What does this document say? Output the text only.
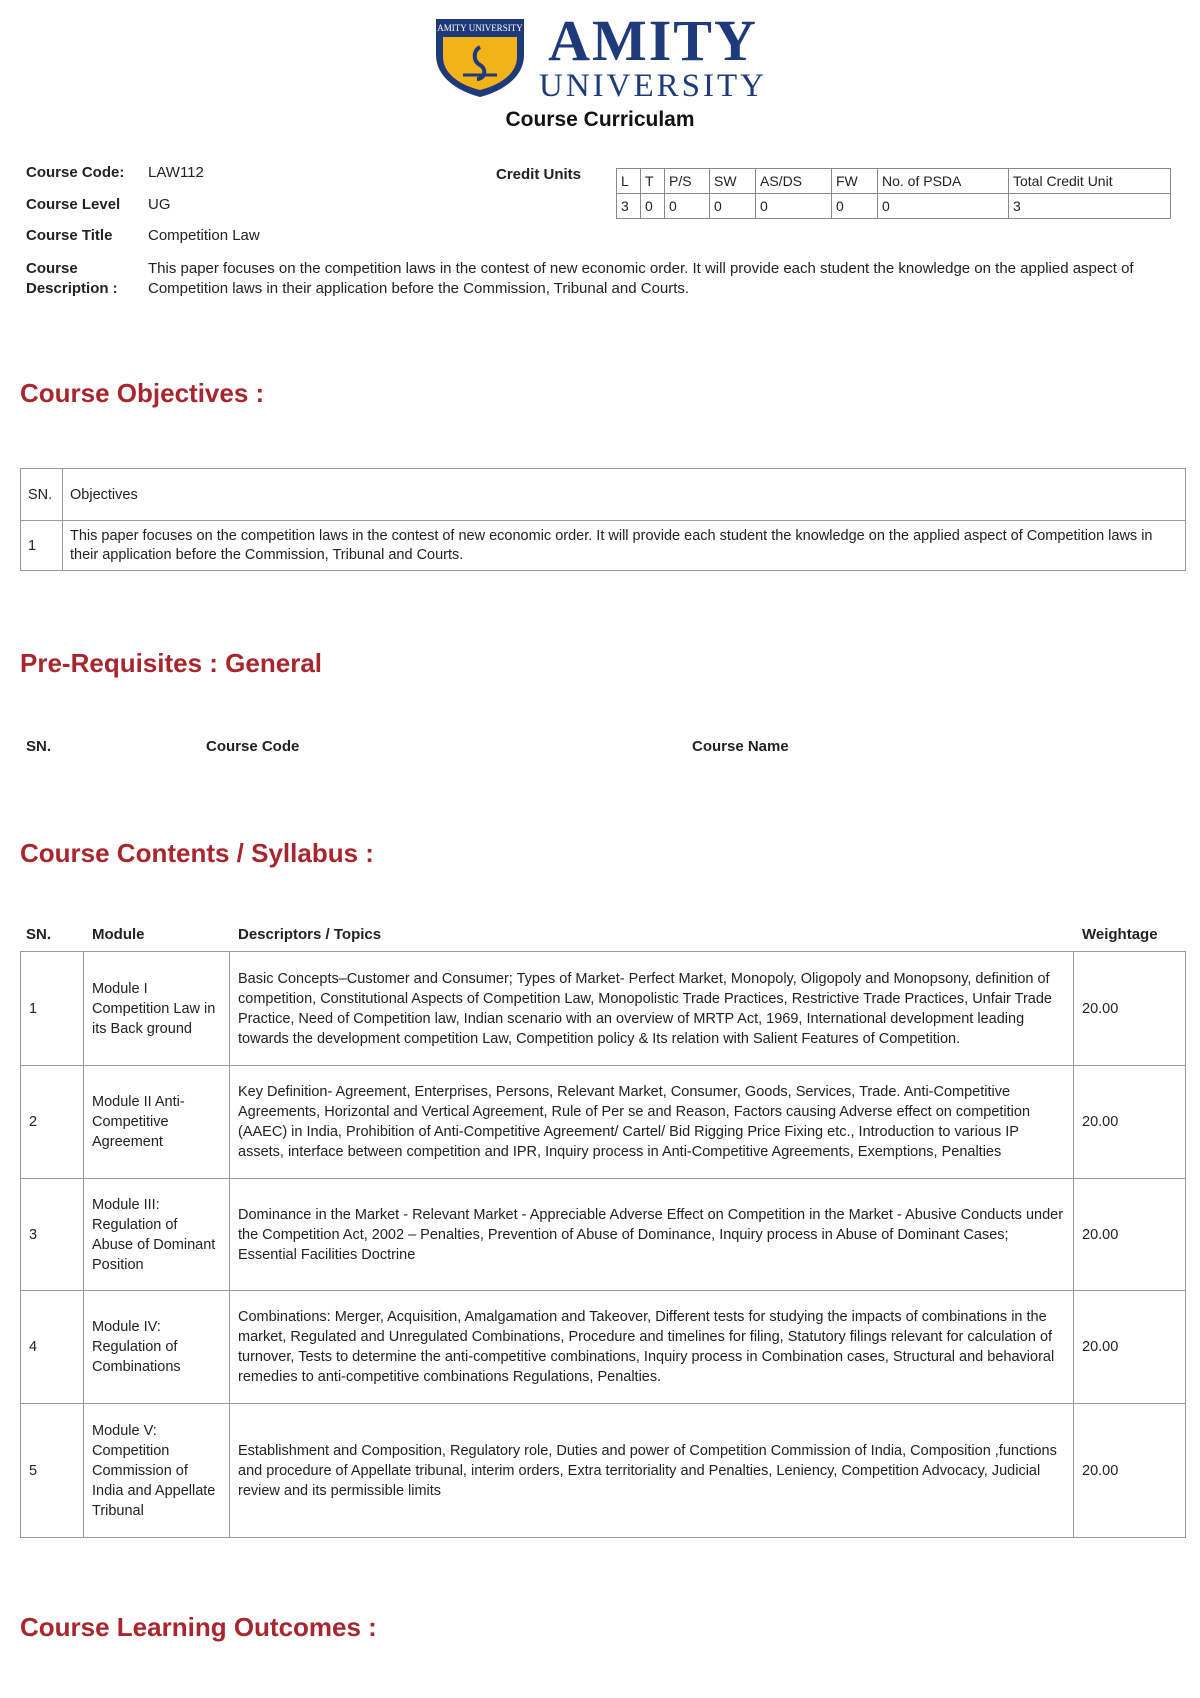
AMITY UNIVERSITY AMITY
UNIVERSITY
Course Curriculam
Course Code:	LAW112
Course Level	UG
Course Title	Competition Law
Course
Description :
This paper focuses on the competition laws in the contest of new economic order. It will provide each student the knowledge on the applied aspect of Competition laws in their application before the Commission, Tribunal and Courts.
Credit Units	L	T	P/S	SW	AS/DS	FW	No. of PSDA	Total Credit Unit
3	0	0	0	0	0	0	3
Course Objectives :
SN.	Objectives
1	This paper focuses on the competition laws in the contest of new economic order. It will provide each student the knowledge on the applied aspect of Competition laws in their application before the Commission, Tribunal and Courts.
Pre-Requisites : General
SN.	Course Code	Course Name
Course Contents / Syllabus :
SN.	Module	Descriptors / Topics	Weightage
1	Module I Competition Law in its Back ground	Basic Concepts–Customer and Consumer; Types of Market- Perfect Market, Monopoly, Oligopoly and Monopsony, definition of competition, Constitutional Aspects of Competition Law, Monopolistic Trade Practices, Restrictive Trade Practices, Unfair Trade Practice, Need of Competition law, Indian scenario with an overview of MRTP Act, 1969, International development leading towards the development competition Law, Competition policy & Its relation with Salient Features of Competition.	20.00
2	Module II Anti-Competitive Agreement	Key Definition- Agreement, Enterprises, Persons, Relevant Market, Consumer, Goods, Services, Trade. Anti-Competitive Agreements, Horizontal and Vertical Agreement, Rule of Per se and Reason, Factors causing Adverse effect on competition (AAEC) in India, Prohibition of Anti-Competitive Agreement/ Cartel/ Bid Rigging Price Fixing etc., Introduction to various IP assets, interface between competition and IPR, Inquiry process in Anti-Competitive Agreements, Exemptions, Penalties	20.00
3	Module III: Regulation of Abuse of Dominant Position	Dominance in the Market - Relevant Market - Appreciable Adverse Effect on Competition in the Market - Abusive Conducts under the Competition Act, 2002 – Penalties, Prevention of Abuse of Dominance, Inquiry process in Abuse of Dominant Cases; Essential Facilities Doctrine	20.00
4	Module IV: Regulation of Combinations	Combinations: Merger, Acquisition, Amalgamation and Takeover, Different tests for studying the impacts of combinations in the market, Regulated and Unregulated Combinations, Procedure and timelines for filing, Statutory filings relevant for calculation of turnover, Tests to determine the anti-competitive combinations, Inquiry process in Combination cases, Structural and behavioral remedies to anti-competitive combinations Regulations, Penalties.	20.00
5	Module V: Competition Commission of India and Appellate Tribunal	Establishment and Composition, Regulatory role, Duties and power of Competition Commission of India, Composition ,functions and procedure of Appellate tribunal, interim orders, Extra territoriality and Penalties, Leniency, Competition Advocacy, Judicial review and its permissible limits	20.00
Course Learning Outcomes :
